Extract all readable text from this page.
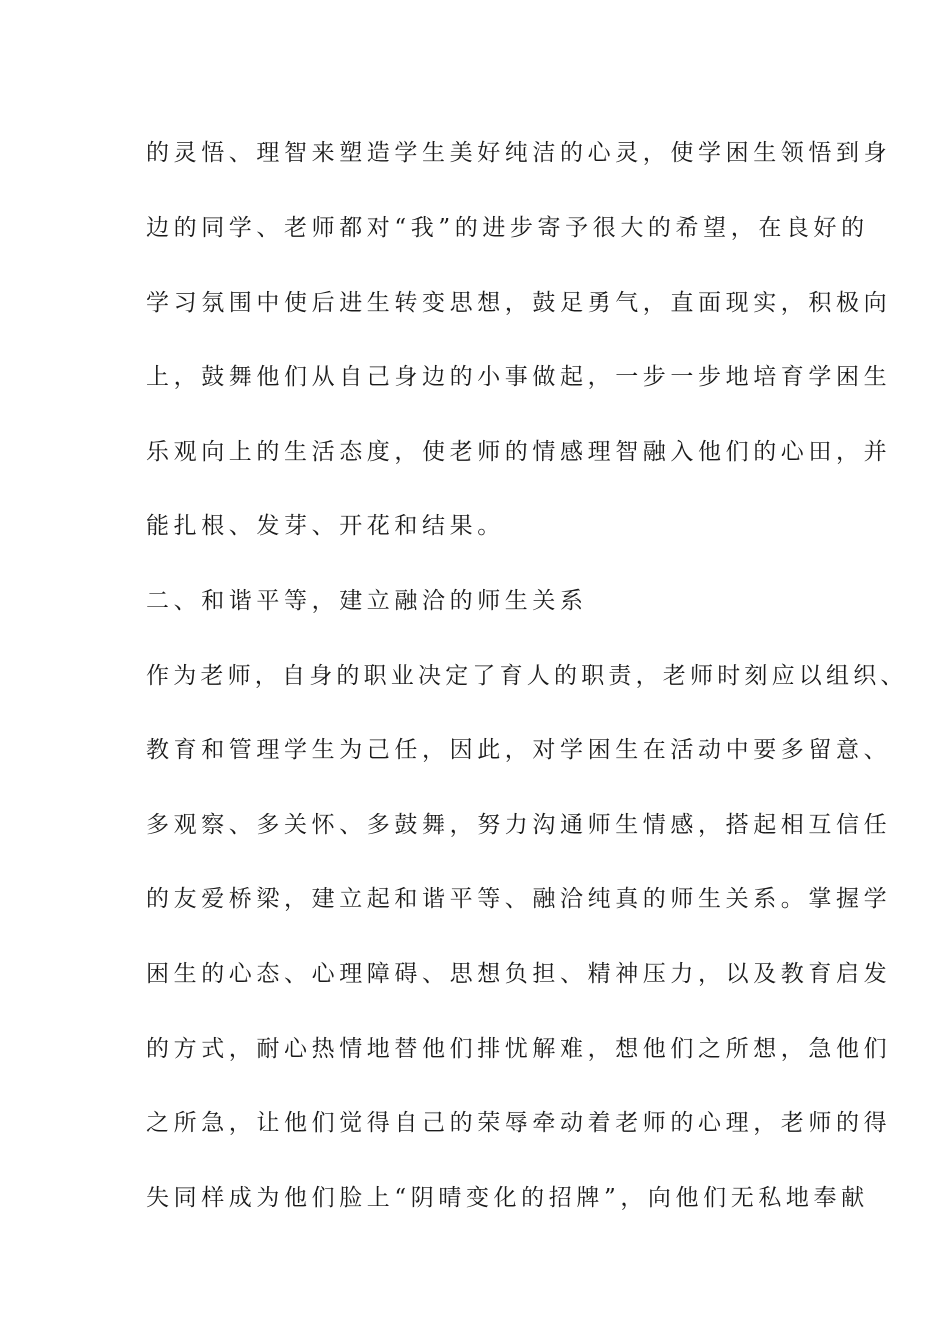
的灵悟、理智来塑造学生美好纯洁的心灵，使学困生领悟到身
边的同学、老师都对“我”的进步寄予很大的希望，在良好的
学习氛围中使后进生转变思想，鼓足勇气，直面现实，积极向
上，鼓舞他们从自己身边的小事做起，一步一步地培育学困生
乐观向上的生活态度，使老师的情感理智融入他们的心田，并
能扎根、发芽、开花和结果。
二、和谐平等，建立融洽的师生关系
作为老师，自身的职业决定了育人的职责，老师时刻应以组织、
教育和管理学生为己任，因此，对学困生在活动中要多留意、
多观察、多关怀、多鼓舞，努力沟通师生情感，搭起相互信任
的友爱桥梁，建立起和谐平等、融洽纯真的师生关系。掌握学
困生的心态、心理障碍、思想负担、精神压力，以及教育启发
的方式，耐心热情地替他们排忧解难，想他们之所想，急他们
之所急，让他们觉得自己的荣辱牵动着老师的心理，老师的得
失同样成为他们脸上“阴晴变化的招牌”，向他们无私地奉献
